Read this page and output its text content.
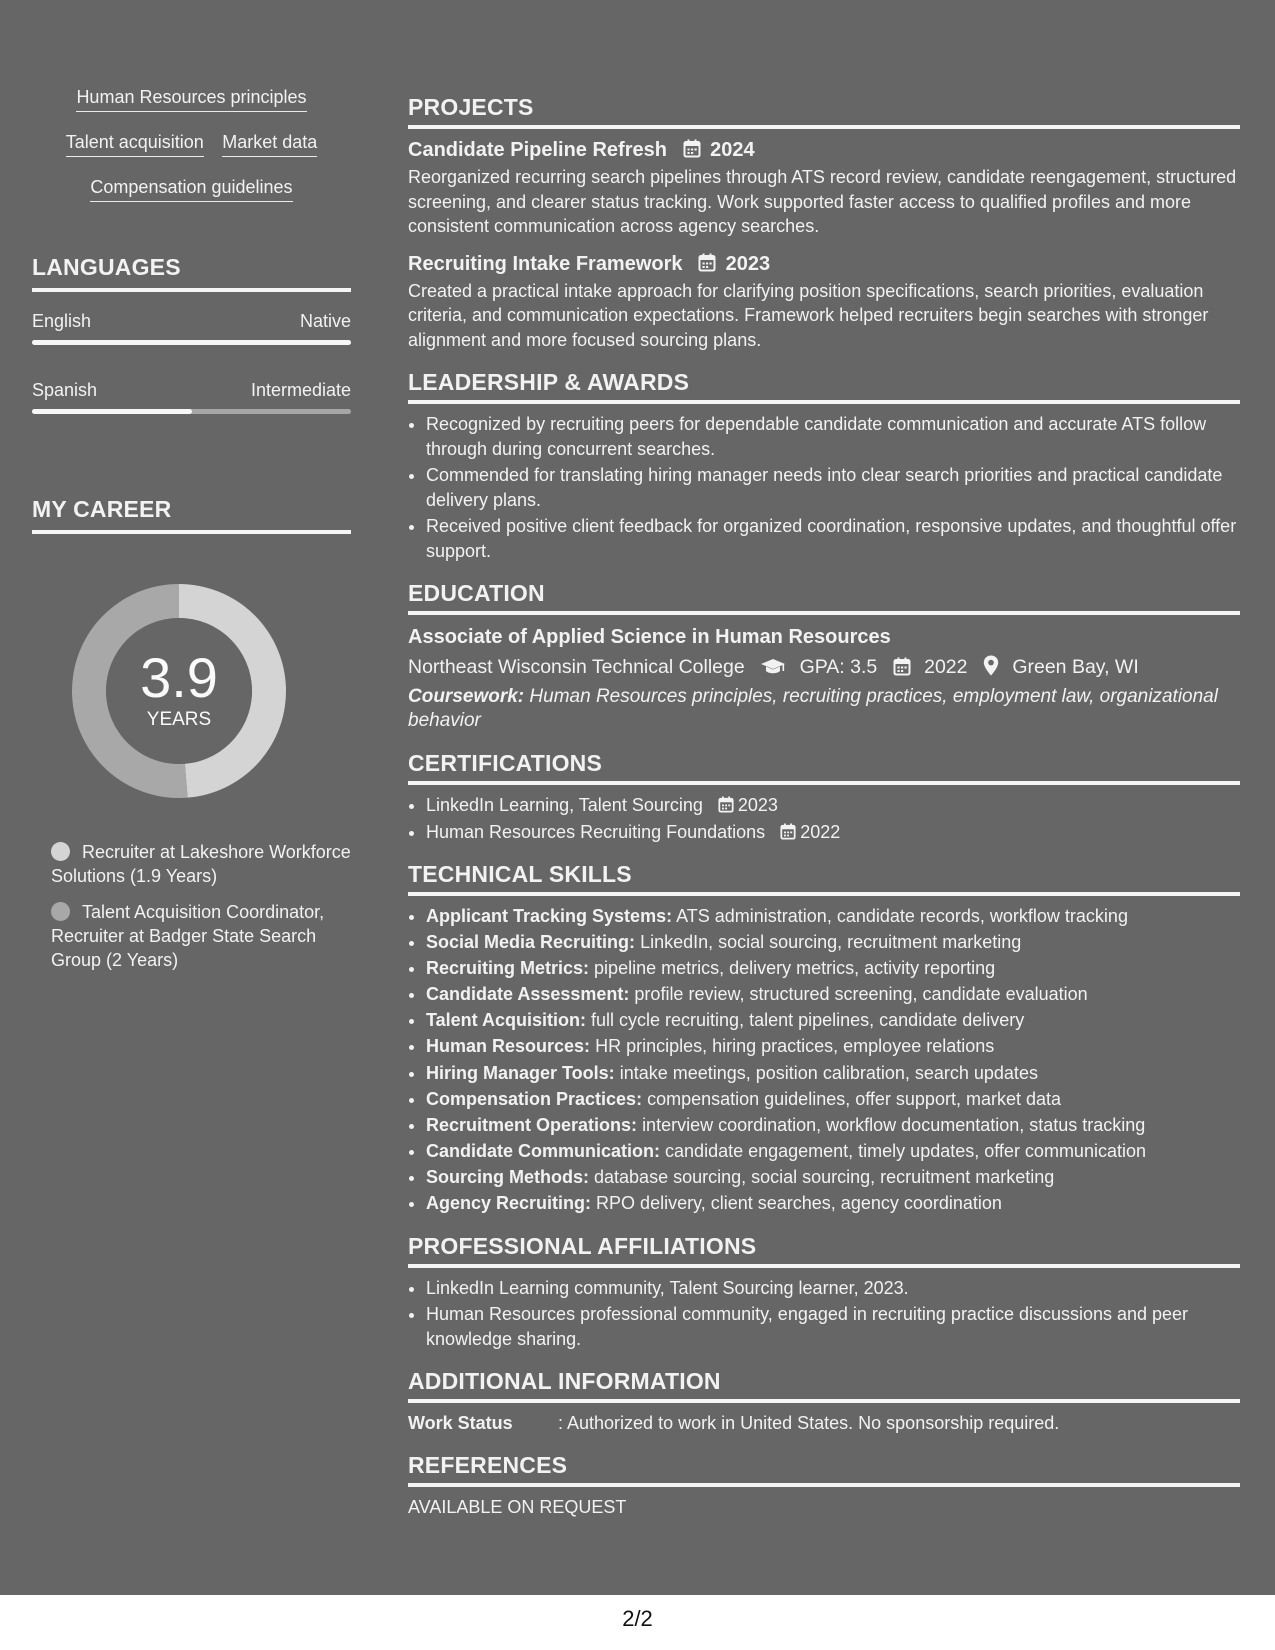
Human Resources principles
Talent acquisition Market data
Compensation guidelines
LANGUAGES
English	Native
Spanish	Intermediate
MY CAREER
3.9
YEARS
Recruiter at Lakeshore Workforce Solutions (1.9 Years)
Talent Acquisition Coordinator, Recruiter at Badger State Search Group (2 Years)
PROJECTS
Candidate Pipeline Refresh 2024
Reorganized recurring search pipelines through ATS record review, candidate reengagement, structured screening, and clearer status tracking. Work supported faster access to qualified profiles and more consistent communication across agency searches.
Recruiting Intake Framework 2023
Created a practical intake approach for clarifying position specifications, search priorities, evaluation criteria, and communication expectations. Framework helped recruiters begin searches with stronger alignment and more focused sourcing plans.
LEADERSHIP & AWARDS
• Recognized by recruiting peers for dependable candidate communication and accurate ATS follow through during concurrent searches.
• Commended for translating hiring manager needs into clear search priorities and practical candidate delivery plans.
• Received positive client feedback for organized coordination, responsive updates, and thoughtful offer support.
EDUCATION
Associate of Applied Science in Human Resources
Northeast Wisconsin Technical College	GPA: 3.5 2022 Green Bay, WI
Coursework: Human Resources principles, recruiting practices, employment law, organizational behavior
CERTIFICATIONS
• LinkedIn Learning, Talent Sourcing 2023
• Human Resources Recruiting Foundations 2022
TECHNICAL SKILLS
• Applicant Tracking Systems: ATS administration, candidate records, workflow tracking
• Social Media Recruiting: LinkedIn, social sourcing, recruitment marketing
• Recruiting Metrics: pipeline metrics, delivery metrics, activity reporting
• Candidate Assessment: profile review, structured screening, candidate evaluation
• Talent Acquisition: full cycle recruiting, talent pipelines, candidate delivery
• Human Resources: HR principles, hiring practices, employee relations
• Hiring Manager Tools: intake meetings, position calibration, search updates
• Compensation Practices: compensation guidelines, offer support, market data
• Recruitment Operations: interview coordination, workflow documentation, status tracking
• Candidate Communication: candidate engagement, timely updates, offer communication
• Sourcing Methods: database sourcing, social sourcing, recruitment marketing
• Agency Recruiting: RPO delivery, client searches, agency coordination
PROFESSIONAL AFFILIATIONS
• LinkedIn Learning community, Talent Sourcing learner, 2023.
• Human Resources professional community, engaged in recruiting practice discussions and peer knowledge sharing.
ADDITIONAL INFORMATION
Work Status	: Authorized to work in United States. No sponsorship required.
REFERENCES
AVAILABLE ON REQUEST
2/2
